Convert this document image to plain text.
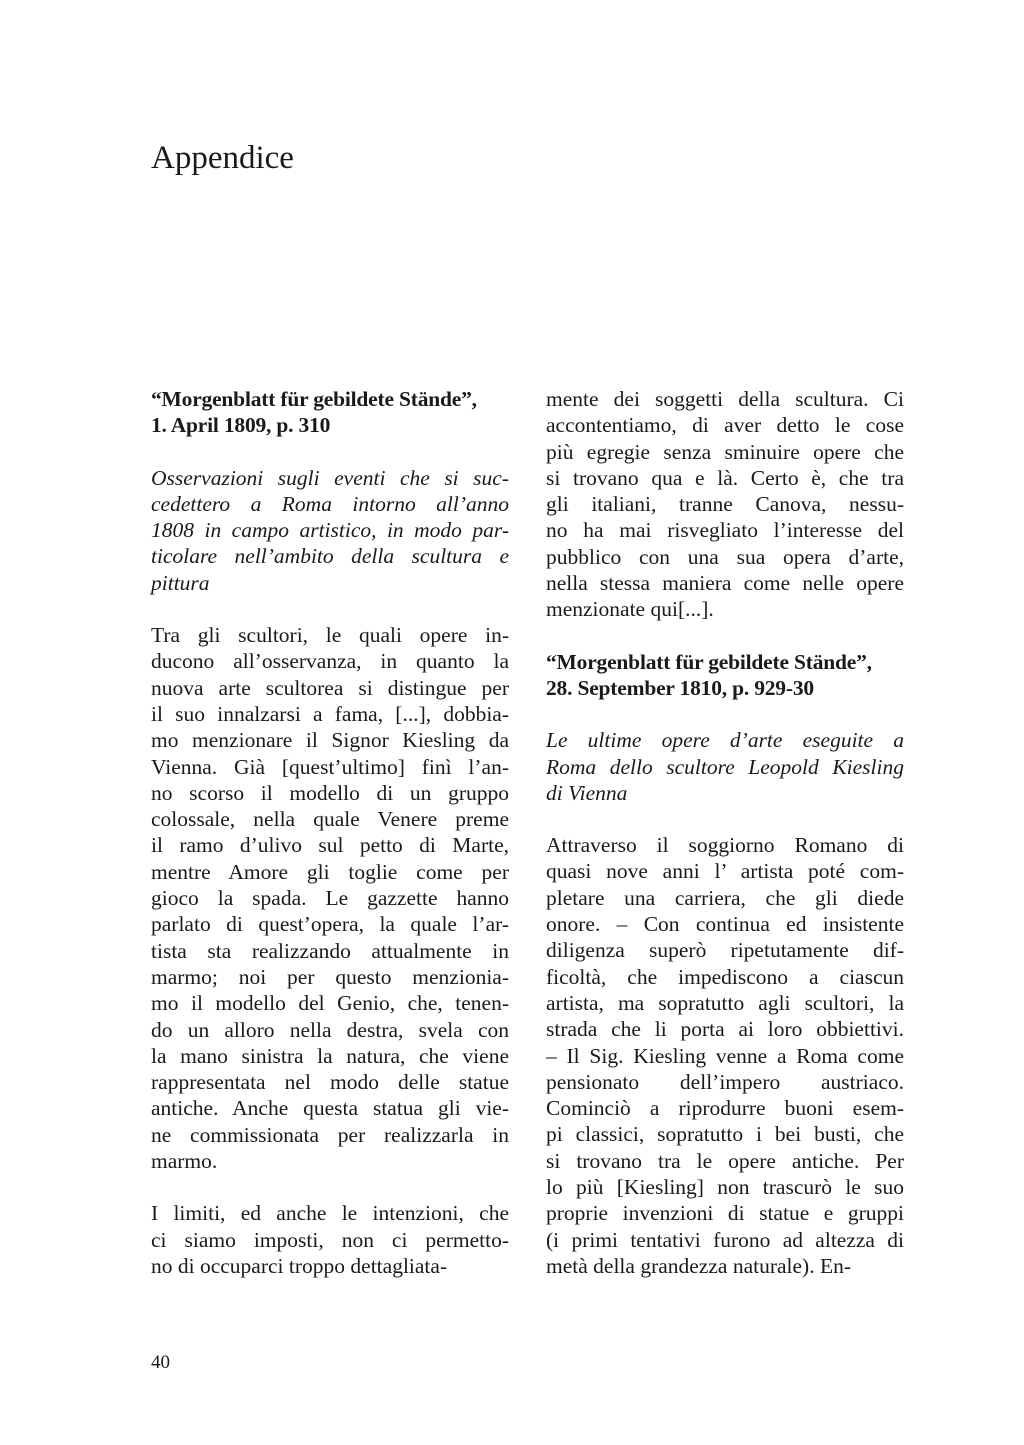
Appendice

“Morgenblatt für gebildete Stände”,
1. April 1809, p. 310

Osservazioni sugli eventi che si suc-
cedettero a Roma intorno all’anno
1808 in campo artistico, in modo par-
ticolare nell’ambito della scultura e
pittura

Tra gli scultori, le quali opere in-
ducono all’osservanza, in quanto la
nuova arte scultorea si distingue per
il suo innalzarsi a fama, [...], dobbia-
mo menzionare il Signor Kiesling da
Vienna. Già [quest’ultimo] finì l’an-
no scorso il modello di un gruppo
colossale, nella quale Venere preme
il ramo d’ulivo sul petto di Marte,
mentre Amore gli toglie come per
gioco la spada. Le gazzette hanno
parlato di quest’opera, la quale l’ar-
tista sta realizzando attualmente in
marmo; noi per questo menzionia-
mo il modello del Genio, che, tenen-
do un alloro nella destra, svela con
la mano sinistra la natura, che viene
rappresentata nel modo delle statue
antiche. Anche questa statua gli vie-
ne commissionata per realizzarla in
marmo.

I limiti, ed anche le intenzioni, che
ci siamo imposti, non ci permetto-
no di occuparci troppo dettagliata-

mente dei soggetti della scultura. Ci
accontentiamo, di aver detto le cose
più egregie senza sminuire opere che
si trovano qua e là. Certo è, che tra
gli italiani, tranne Canova, nessu-
no ha mai risvegliato l’interesse del
pubblico con una sua opera d’arte,
nella stessa maniera come nelle opere
menzionate qui[...].

“Morgenblatt für gebildete Stände”,
28. September 1810, p. 929-30

Le ultime opere d’arte eseguite a
Roma dello scultore Leopold Kiesling
di Vienna

Attraverso il soggiorno Romano di
quasi nove anni l’ artista poté com-
pletare una carriera, che gli diede
onore. – Con continua ed insistente
diligenza superò ripetutamente dif-
ficoltà, che impediscono a ciascun
artista, ma sopratutto agli scultori, la
strada che li porta ai loro obbiettivi.
– Il Sig. Kiesling venne a Roma come
pensionato dell’impero austriaco.
Cominciò a riprodurre buoni esem-
pi classici, sopratutto i bei busti, che
si trovano tra le opere antiche. Per
lo più [Kiesling] non trascurò le suo
proprie invenzioni di statue e gruppi
(i primi tentativi furono ad altezza di
metà della grandezza naturale). En-

40
